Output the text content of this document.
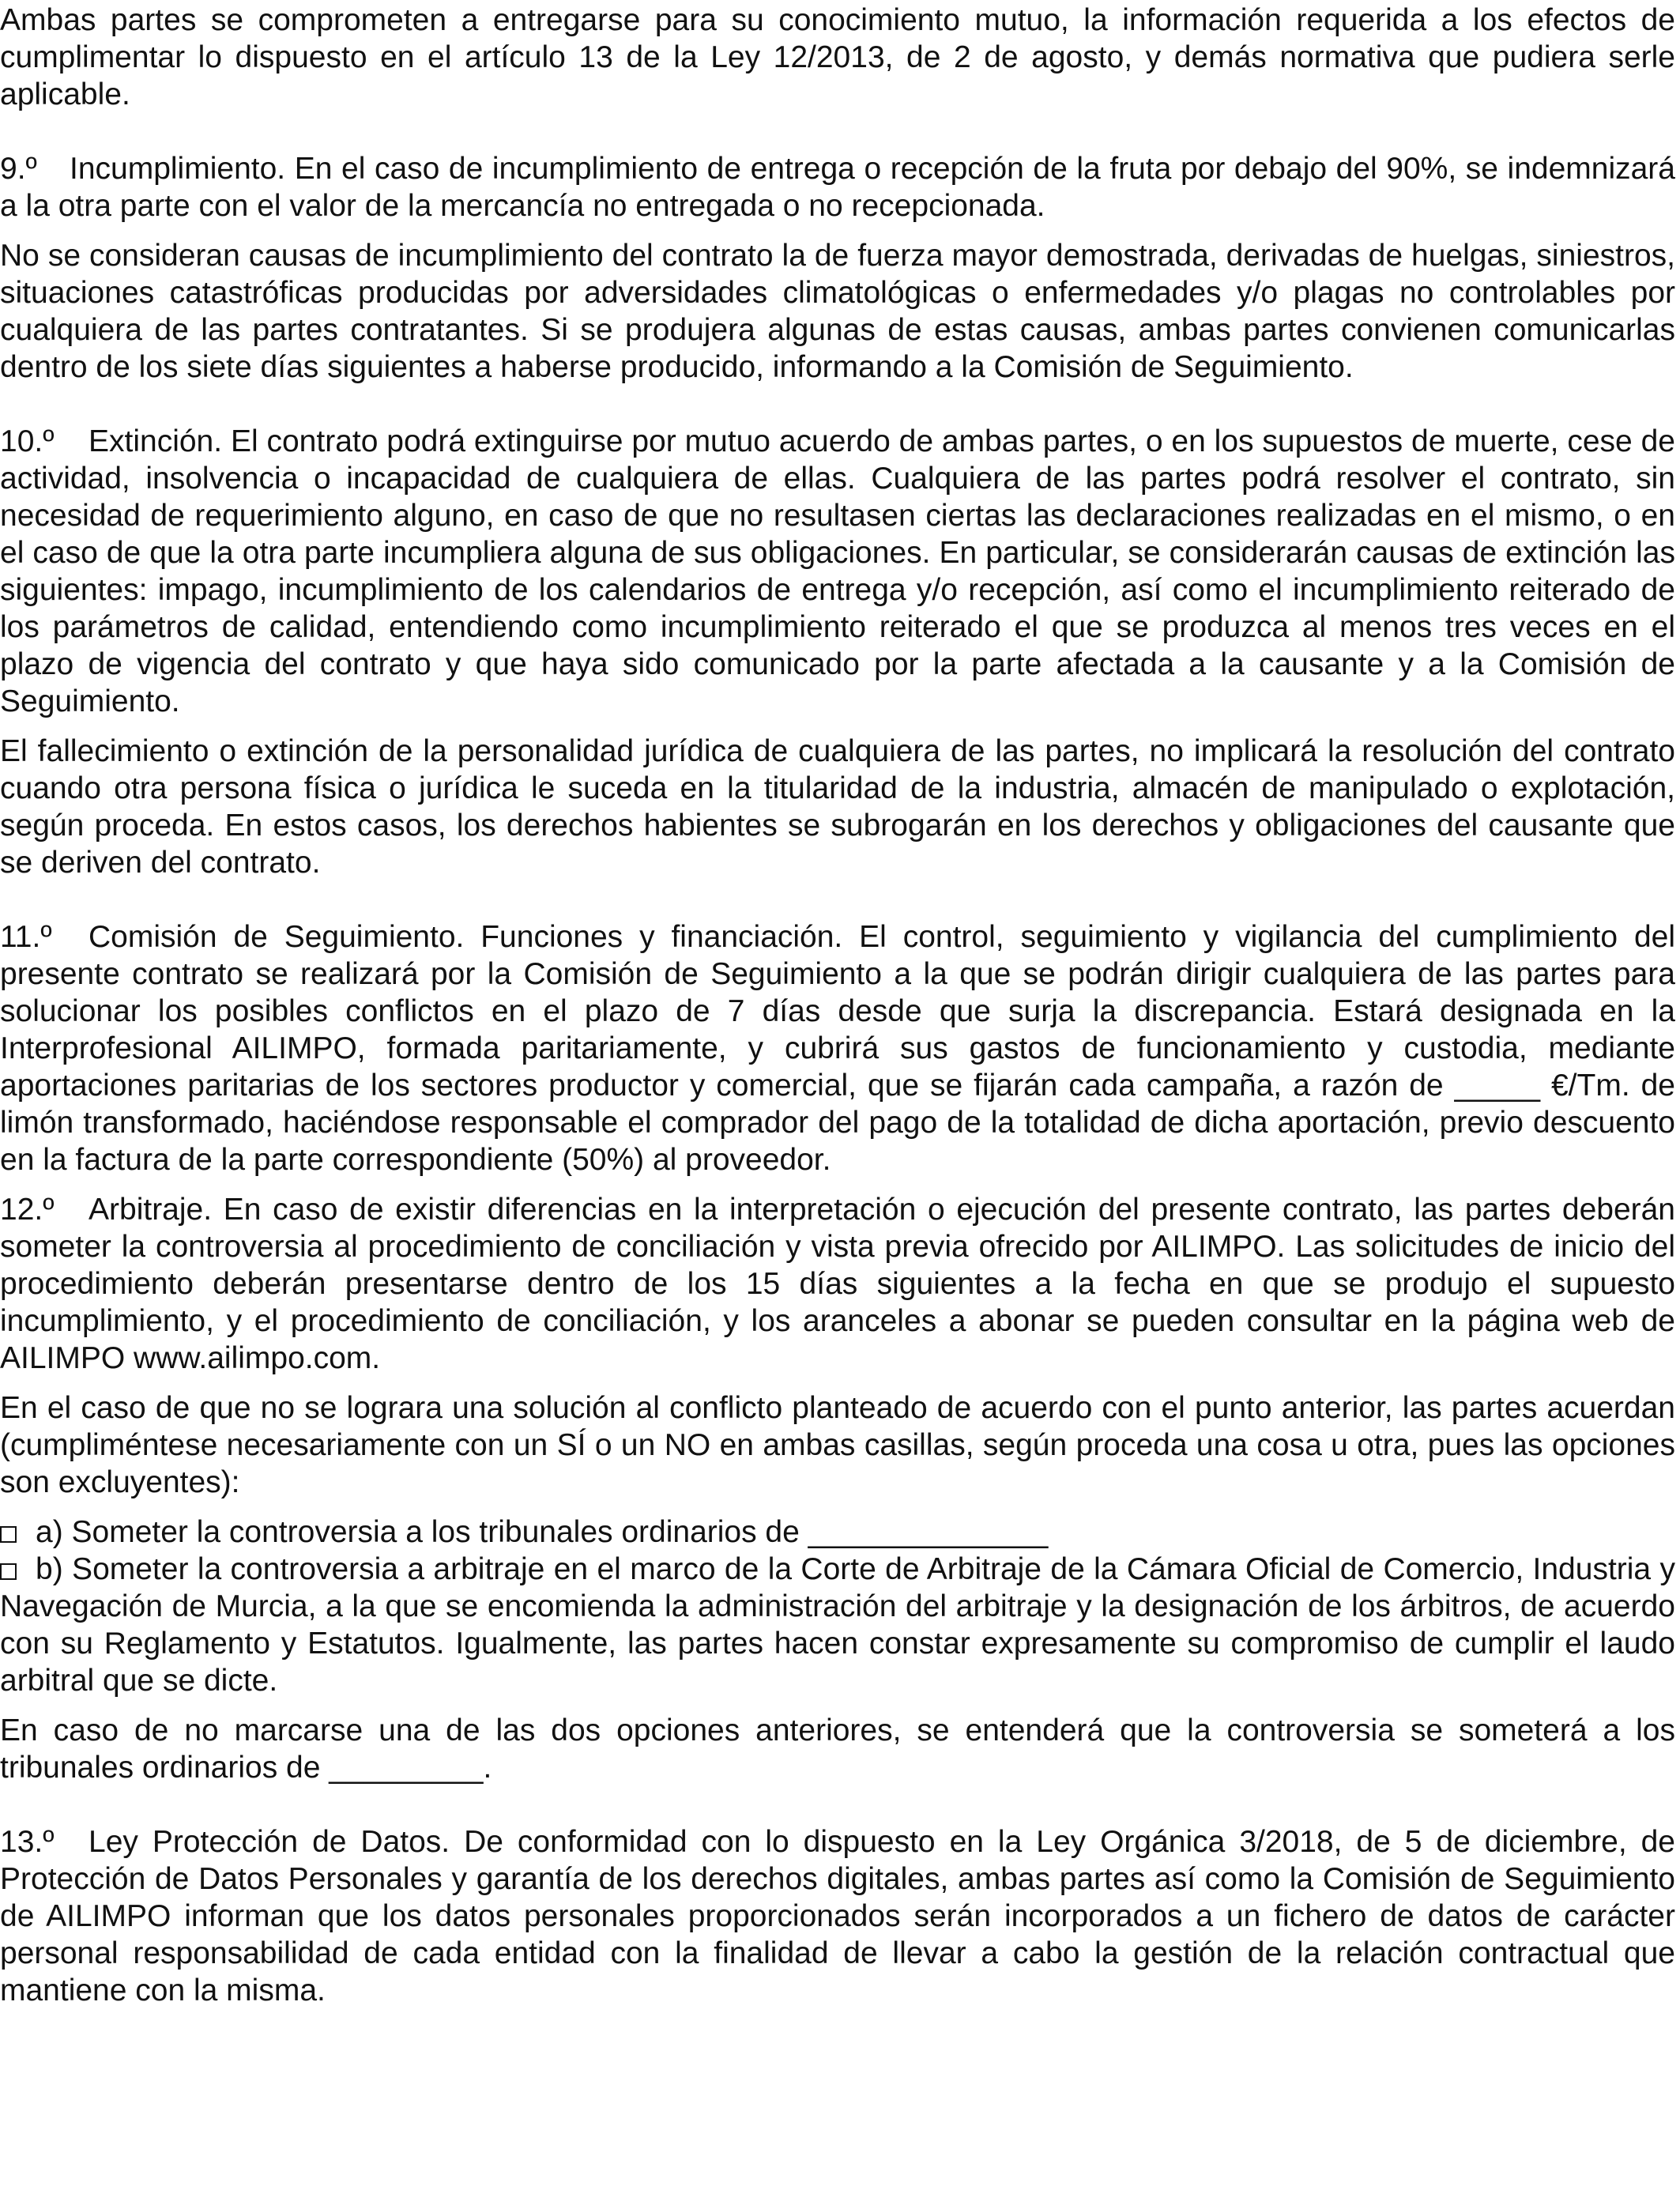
Ambas partes se comprometen a entregarse para su conocimiento mutuo, la información requerida a los efectos de cumplimentar lo dispuesto en el artículo 13 de la Ley 12/2013, de 2 de agosto, y demás normativa que pudiera serle aplicable.

9.º Incumplimiento. En el caso de incumplimiento de entrega o recepción de la fruta por debajo del 90%, se indemnizará a la otra parte con el valor de la mercancía no entregada o no recepcionada.

No se consideran causas de incumplimiento del contrato la de fuerza mayor demostrada, derivadas de huelgas, siniestros, situaciones catastróficas producidas por adversidades climatológicas o enfermedades y/o plagas no controlables por cualquiera de las partes contratantes. Si se produjera algunas de estas causas, ambas partes convienen comunicarlas dentro de los siete días siguientes a haberse producido, informando a la Comisión de Seguimiento.

10.º Extinción. El contrato podrá extinguirse por mutuo acuerdo de ambas partes, o en los supuestos de muerte, cese de actividad, insolvencia o incapacidad de cualquiera de ellas. Cualquiera de las partes podrá resolver el contrato, sin necesidad de requerimiento alguno, en caso de que no resultasen ciertas las declaraciones realizadas en el mismo, o en el caso de que la otra parte incumpliera alguna de sus obligaciones. En particular, se considerarán causas de extinción las siguientes: impago, incumplimiento de los calendarios de entrega y/o recepción, así como el incumplimiento reiterado de los parámetros de calidad, entendiendo como incumplimiento reiterado el que se produzca al menos tres veces en el plazo de vigencia del contrato y que haya sido comunicado por la parte afectada a la causante y a la Comisión de Seguimiento.

El fallecimiento o extinción de la personalidad jurídica de cualquiera de las partes, no implicará la resolución del contrato cuando otra persona física o jurídica le suceda en la titularidad de la industria, almacén de manipulado o explotación, según proceda. En estos casos, los derechos habientes se subrogarán en los derechos y obligaciones del causante que se deriven del contrato.

11.º Comisión de Seguimiento. Funciones y financiación. El control, seguimiento y vigilancia del cumplimiento del presente contrato se realizará por la Comisión de Seguimiento a la que se podrán dirigir cualquiera de las partes para solucionar los posibles conflictos en el plazo de 7 días desde que surja la discrepancia. Estará designada en la Interprofesional AILIMPO, formada paritariamente, y cubrirá sus gastos de funcionamiento y custodia, mediante aportaciones paritarias de los sectores productor y comercial, que se fijarán cada campaña, a razón de _____ €/Tm. de limón transformado, haciéndose responsable el comprador del pago de la totalidad de dicha aportación, previo descuento en la factura de la parte correspondiente (50%) al proveedor.

12.º Arbitraje. En caso de existir diferencias en la interpretación o ejecución del presente contrato, las partes deberán someter la controversia al procedimiento de conciliación y vista previa ofrecido por AILIMPO. Las solicitudes de inicio del procedimiento deberán presentarse dentro de los 15 días siguientes a la fecha en que se produjo el supuesto incumplimiento, y el procedimiento de conciliación, y los aranceles a abonar se pueden consultar en la página web de AILIMPO www.ailimpo.com.

En el caso de que no se lograra una solución al conflicto planteado de acuerdo con el punto anterior, las partes acuerdan (cumpliméntese necesariamente con un SÍ o un NO en ambas casillas, según proceda una cosa u otra, pues las opciones son excluyentes):

a) Someter la controversia a los tribunales ordinarios de ______________

b) Someter la controversia a arbitraje en el marco de la Corte de Arbitraje de la Cámara Oficial de Comercio, Industria y Navegación de Murcia, a la que se encomienda la administración del arbitraje y la designación de los árbitros, de acuerdo con su Reglamento y Estatutos. Igualmente, las partes hacen constar expresamente su compromiso de cumplir el laudo arbitral que se dicte.

En caso de no marcarse una de las dos opciones anteriores, se entenderá que la controversia se someterá a los tribunales ordinarios de _________.

13.º Ley Protección de Datos. De conformidad con lo dispuesto en la Ley Orgánica 3/2018, de 5 de diciembre, de Protección de Datos Personales y garantía de los derechos digitales, ambas partes así como la Comisión de Seguimiento de AILIMPO informan que los datos personales proporcionados serán incorporados a un fichero de datos de carácter personal responsabilidad de cada entidad con la finalidad de llevar a cabo la gestión de la relación contractual que mantiene con la misma.
